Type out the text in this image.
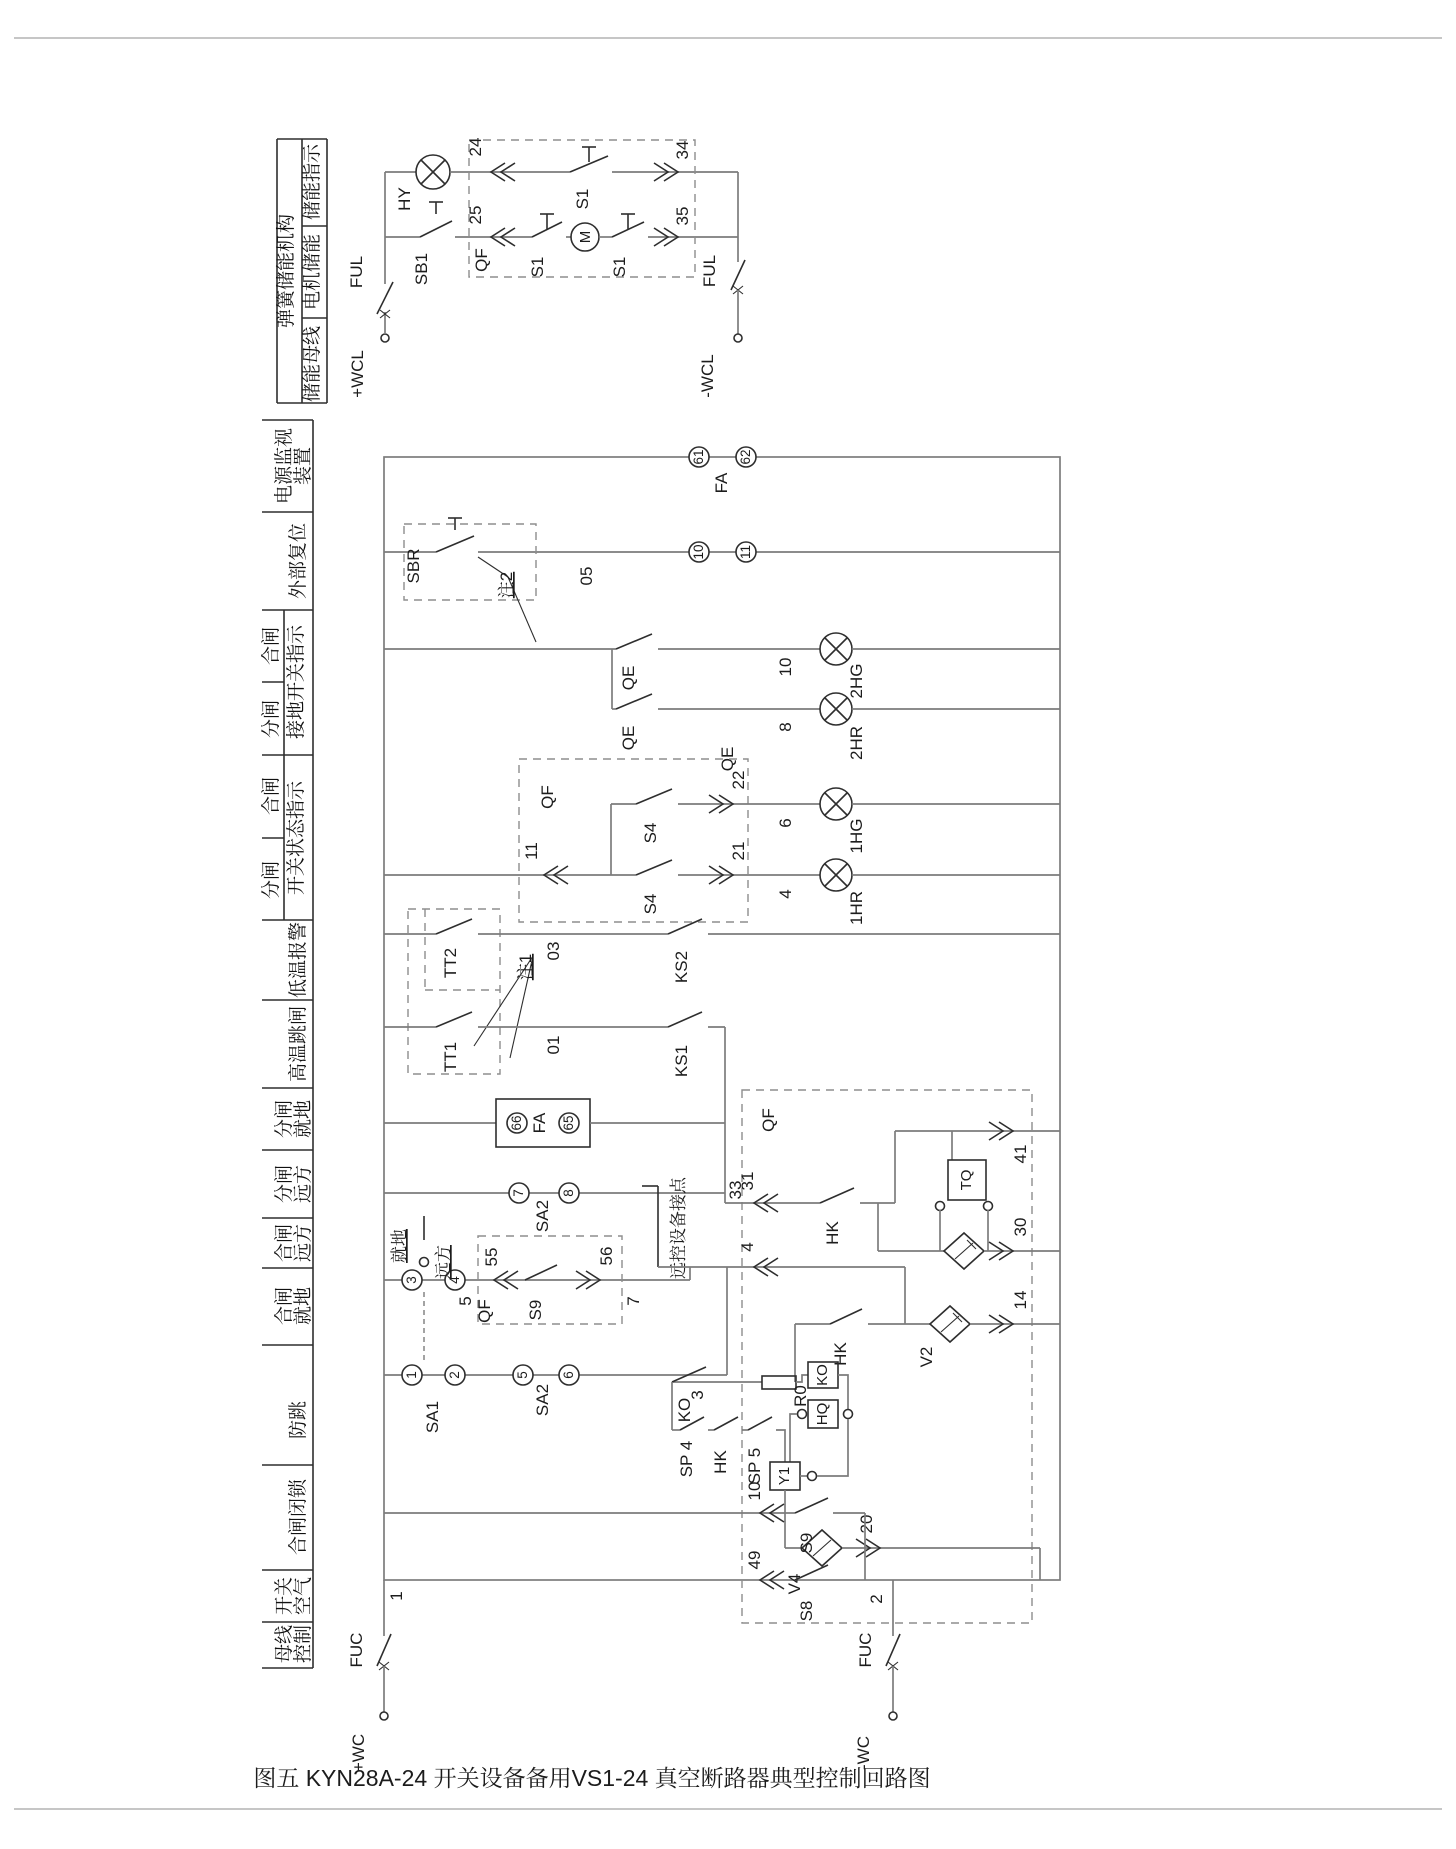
弹簧储能机构
储能指示
电机储能
储能母线 +WCL
FUL
HY
SB1 QF
24
25
S1
S1
M
S1
34
35
FUL
-WCL
装置
电源监视
外部复位
接地开关指示
合闸
分闸
开关状态指示
合闸
分闸
低温报警
高温跳闸
就地
分闸
远方
分闸
远方
合闸
就地
合闸
防跳
合闸闭锁
空气
开关
控制
母线
61 62
FA
SBR
注2	05
10 11
QE
QE
QE
10
8
2HG
2HR
QF
11
S4
22
6	1HG
S4
21
4	1HR
TT2	注1
03	KS2
TT1	01	KS1
66 FA 65
7
SA2
8	33
就地 远方
3 4
5 QF
55
S9
56
7
1 2
SA1
5
SA2
6
3
远控设备接点
QF
31
HK
41
TQ
30
4
HK	V2
14
KO
R0
KO
HQ
SP 4 HK SP 5 Y1
V4
20
10
S9
49
S8
1	2
FUC
+WC
FUC
-WC
图五 KYN28A-24 开关设备备用VS1-24 真空断路器典型控制回路图
